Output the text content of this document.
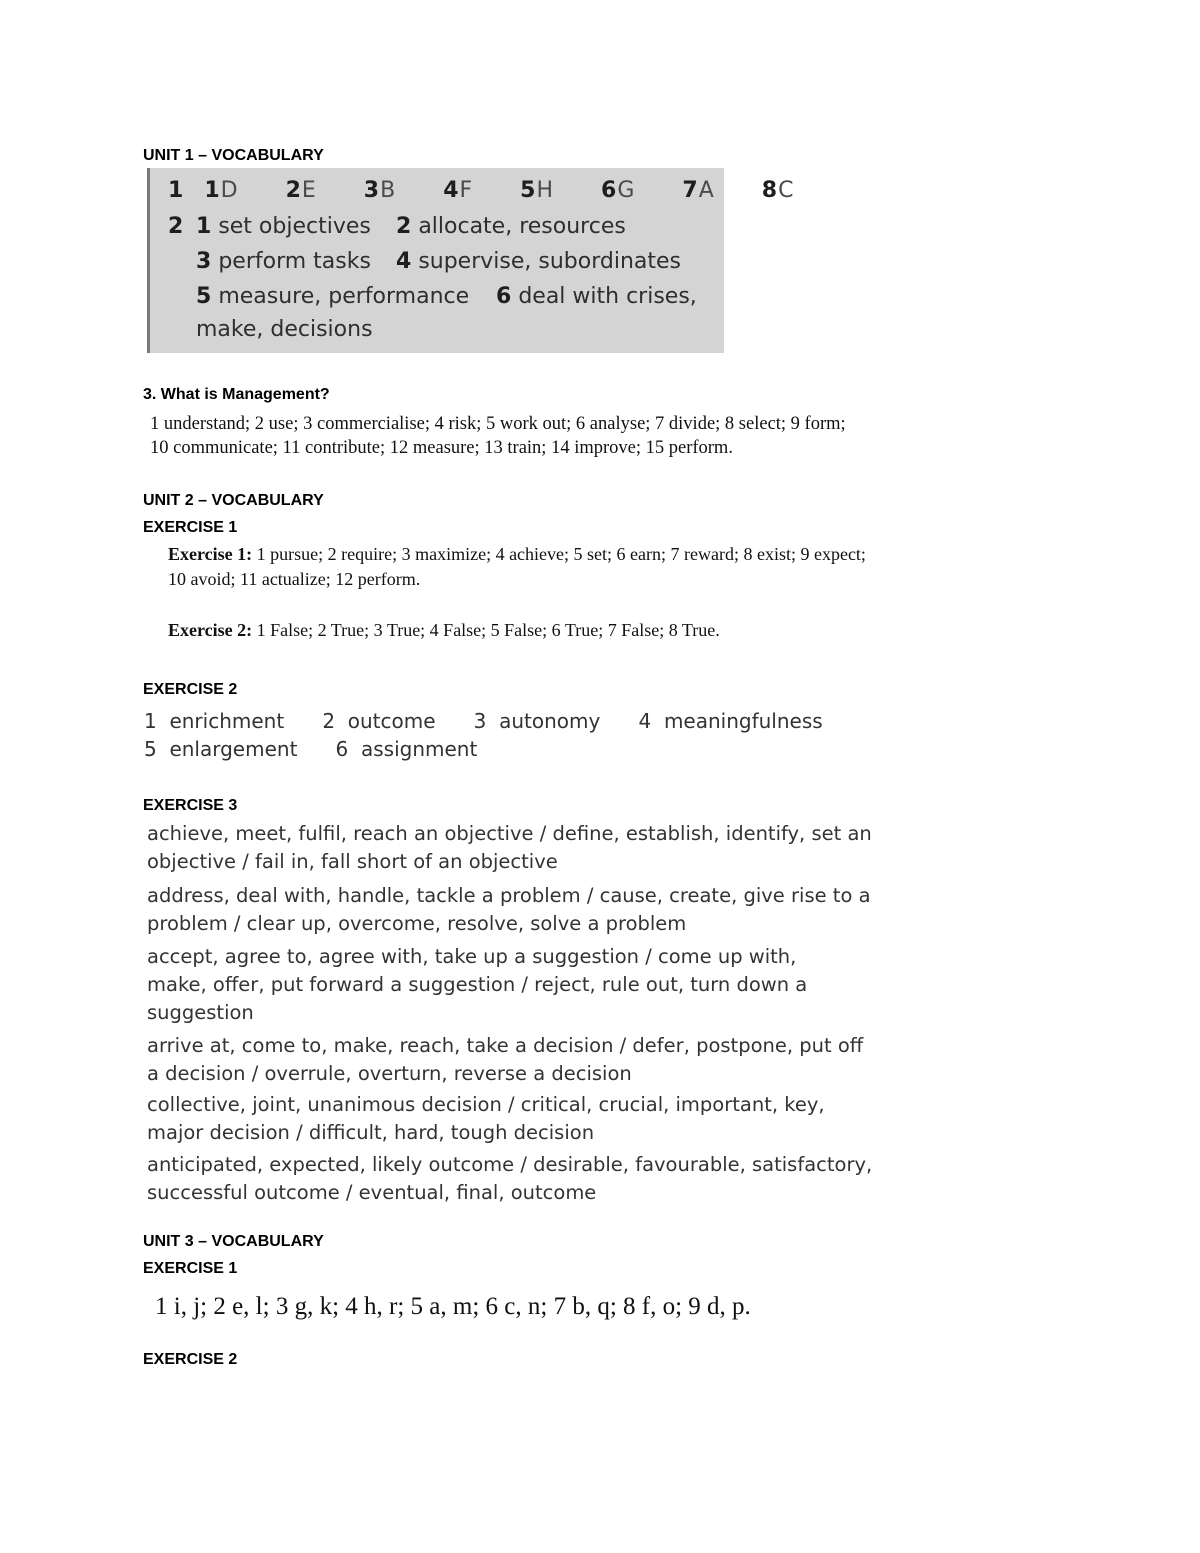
UNIT 1 – VOCABULARY
1 1D 2E 3B 4F 5H 6G 7A 8C
2 1 set objectives 2 allocate, resources
3 perform tasks 4 supervise, subordinates
5 measure, performance 6 deal with crises,
make, decisions
3. What is Management?
1 understand; 2 use; 3 commercialise; 4 risk; 5 work out; 6 analyse; 7 divide; 8 select; 9 form;
10 communicate; 11 contribute; 12 measure; 13 train; 14 improve; 15 perform.
UNIT 2 – VOCABULARY
EXERCISE 1
Exercise 1: 1 pursue; 2 require; 3 maximize; 4 achieve; 5 set; 6 earn; 7 reward; 8 exist; 9 expect;
10 avoid; 11 actualize; 12 perform.
Exercise 2: 1 False; 2 True; 3 True; 4 False; 5 False; 6 True; 7 False; 8 True.
EXERCISE 2
1  enrichment      2  outcome      3  autonomy      4  meaningfulness
5  enlargement      6  assignment
EXERCISE 3

achieve, meet, fulfil, reach an objective / define, establish, identify, set an

objective / fail in, fall short of an objective

address, deal with, handle, tackle a problem / cause, create, give rise to a

problem / clear up, overcome, resolve, solve a problem

accept, agree to, agree with, take up a suggestion / come up with,

make, offer, put forward a suggestion / reject, rule out, turn down a

suggestion

arrive at, come to, make, reach, take a decision / defer, postpone, put off

a decision / overrule, overturn, reverse a decision

collective, joint, unanimous decision / critical, crucial, important, key,

major decision / difficult, hard, tough decision

anticipated, expected, likely outcome / desirable, favourable, satisfactory,

successful outcome / eventual, final, outcome

UNIT 3 – VOCABULARY
EXERCISE 1
1 i, j; 2 e, l; 3 g, k; 4 h, r; 5 a, m; 6 c, n; 7 b, q; 8 f, o; 9 d, p.
EXERCISE 2
